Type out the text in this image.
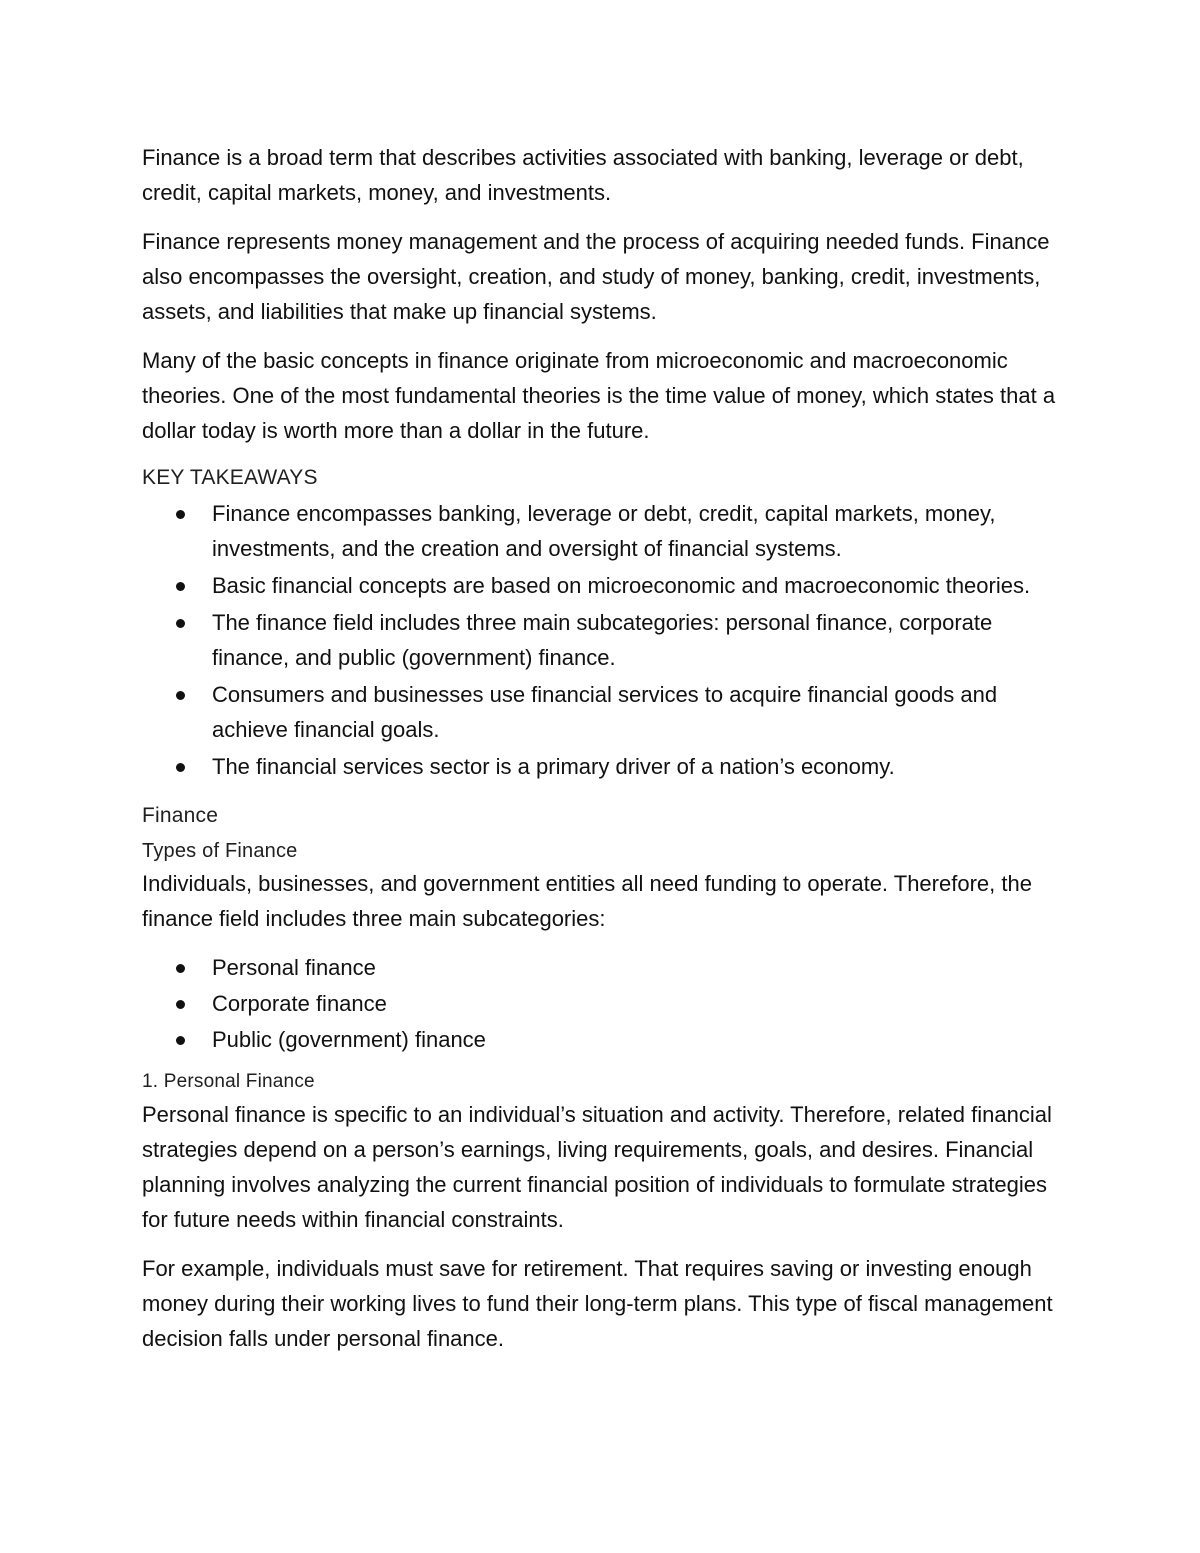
Finance is a broad term that describes activities associated with banking, leverage or debt, credit, capital markets, money, and investments.

Finance represents money management and the process of acquiring needed funds. Finance also encompasses the oversight, creation, and study of money, banking, credit, investments, assets, and liabilities that make up financial systems.

Many of the basic concepts in finance originate from microeconomic and macroeconomic theories. One of the most fundamental theories is the time value of money, which states that a dollar today is worth more than a dollar in the future.

KEY TAKEAWAYS

Finance encompasses banking, leverage or debt, credit, capital markets, money, investments, and the creation and oversight of financial systems.
Basic financial concepts are based on microeconomic and macroeconomic theories.
The finance field includes three main subcategories: personal finance, corporate finance, and public (government) finance.
Consumers and businesses use financial services to acquire financial goods and achieve financial goals.
The financial services sector is a primary driver of a nation’s economy.

Finance

Types of Finance

Individuals, businesses, and government entities all need funding to operate. Therefore, the finance field includes three main subcategories:

Personal finance
Corporate finance
Public (government) finance

1. Personal Finance

Personal finance is specific to an individual’s situation and activity. Therefore, related financial strategies depend on a person’s earnings, living requirements, goals, and desires. Financial planning involves analyzing the current financial position of individuals to formulate strategies for future needs within financial constraints.

For example, individuals must save for retirement. That requires saving or investing enough money during their working lives to fund their long-term plans. This type of fiscal management decision falls under personal finance.
